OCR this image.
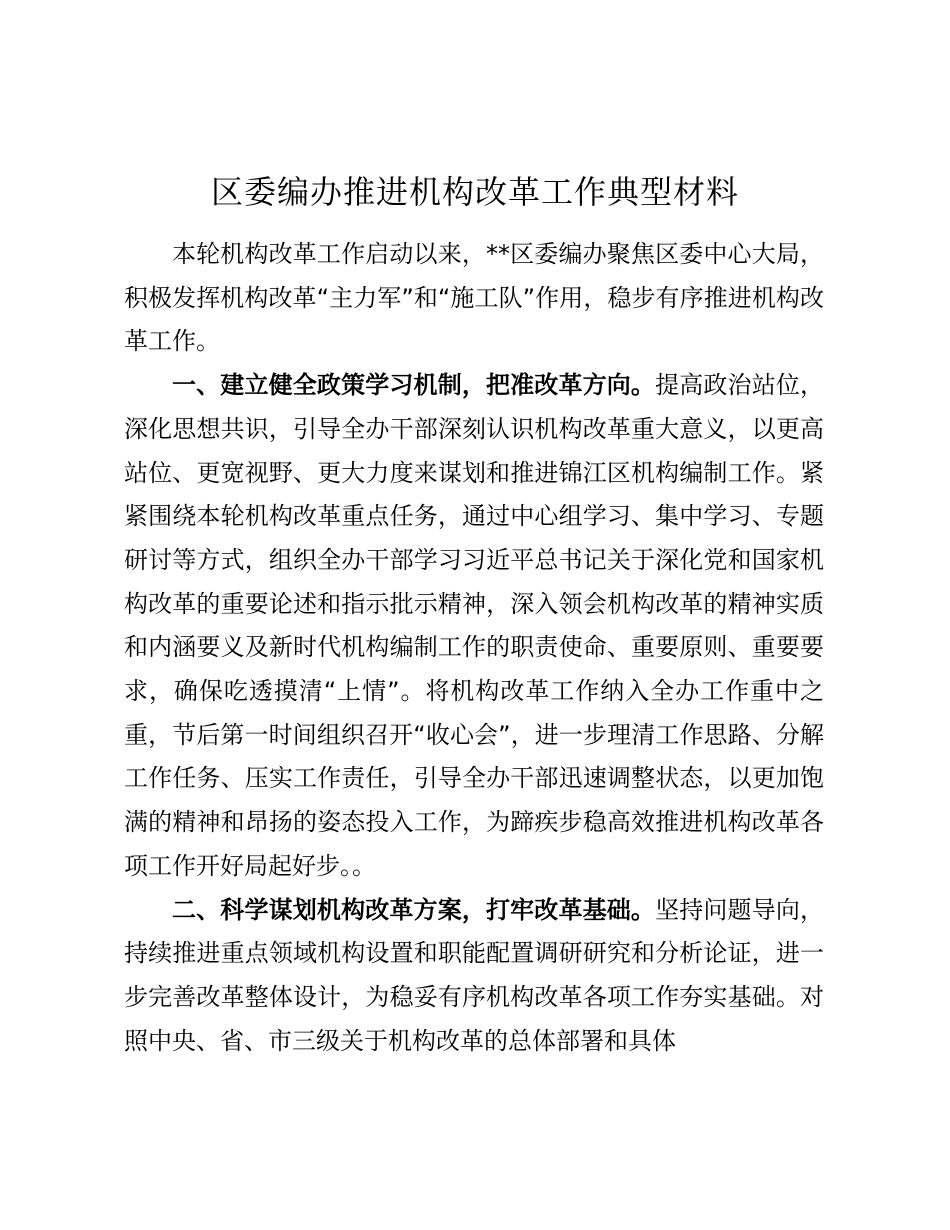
区委编办推进机构改革工作典型材料

本轮机构改革工作启动以来，**区委编办聚焦区委中心大局，积极发挥机构改革“主力军”和“施工队”作用，稳步有序推进机构改革工作。

一、建立健全政策学习机制，把准改革方向。提高政治站位，深化思想共识，引导全办干部深刻认识机构改革重大意义，以更高站位、更宽视野、更大力度来谋划和推进锦江区机构编制工作。紧紧围绕本轮机构改革重点任务，通过中心组学习、集中学习、专题研讨等方式，组织全办干部学习习近平总书记关于深化党和国家机构改革的重要论述和指示批示精神，深入领会机构改革的精神实质和内涵要义及新时代机构编制工作的职责使命、重要原则、重要要求，确保吃透摸清“上情”。将机构改革工作纳入全办工作重中之重，节后第一时间组织召开“收心会”，进一步理清工作思路、分解工作任务、压实工作责任，引导全办干部迅速调整状态，以更加饱满的精神和昂扬的姿态投入工作，为蹄疾步稳高效推进机构改革各项工作开好局起好步。。

二、科学谋划机构改革方案，打牢改革基础。坚持问题导向，持续推进重点领域机构设置和职能配置调研研究和分析论证，进一步完善改革整体设计，为稳妥有序机构改革各项工作夯实基础。对照中央、省、市三级关于机构改革的总体部署和具体
